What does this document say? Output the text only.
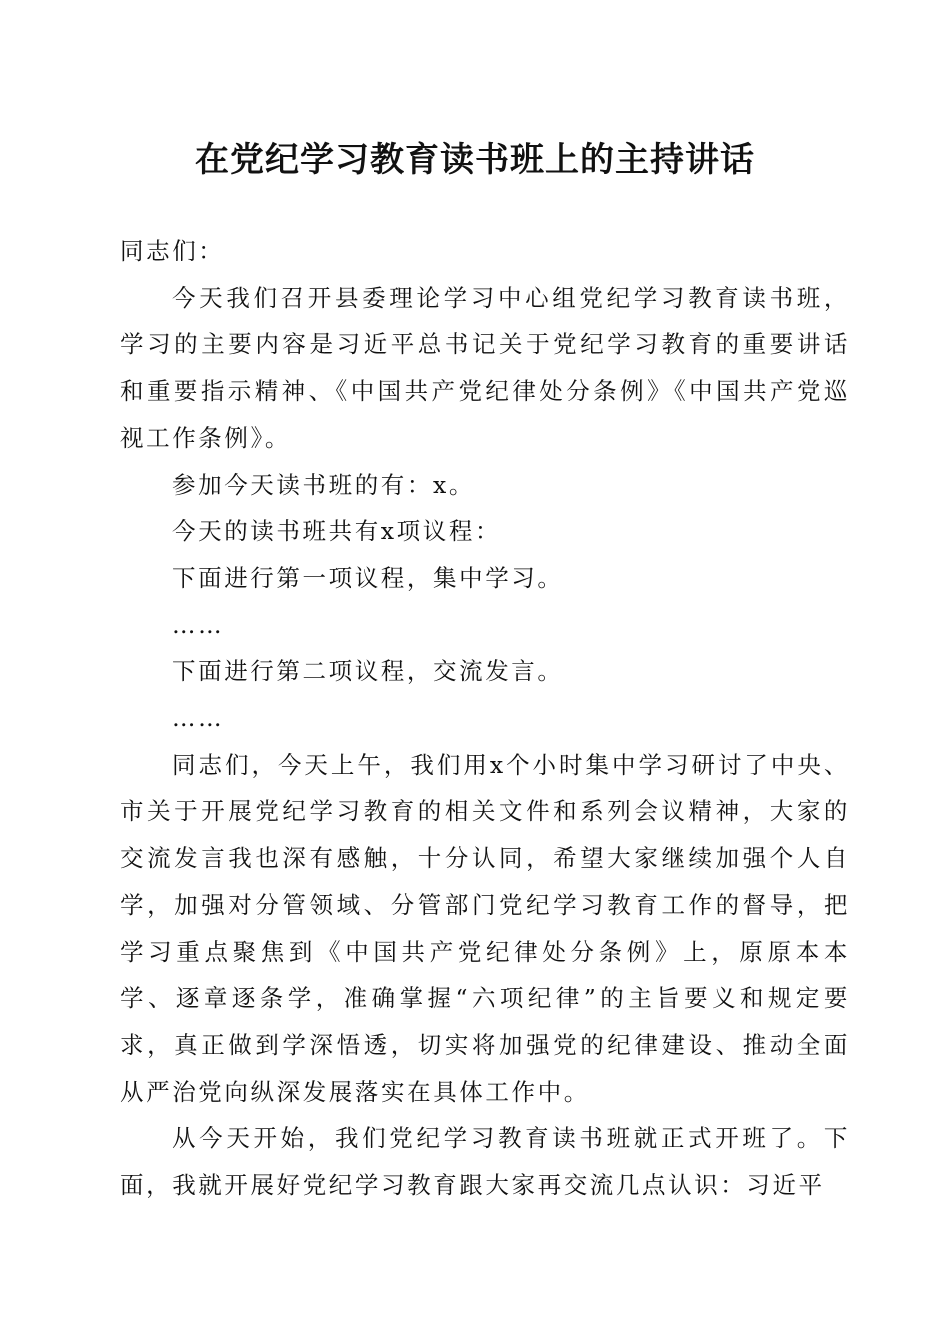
在党纪学习教育读书班上的主持讲话

同志们：

今天我们召开县委理论学习中心组党纪学习教育读书班，学习的主要内容是习近平总书记关于党纪学习教育的重要讲话和重要指示精神、《中国共产党纪律处分条例》《中国共产党巡视工作条例》。

参加今天读书班的有：x。

今天的读书班共有x项议程：

下面进行第一项议程，集中学习。

……

下面进行第二项议程，交流发言。

……

同志们，今天上午，我们用x个小时集中学习研讨了中央、市关于开展党纪学习教育的相关文件和系列会议精神，大家的交流发言我也深有感触，十分认同，希望大家继续加强个人自学，加强对分管领域、分管部门党纪学习教育工作的督导，把学习重点聚焦到《中国共产党纪律处分条例》上，原原本本学、逐章逐条学，准确掌握“六项纪律”的主旨要义和规定要求，真正做到学深悟透，切实将加强党的纪律建设、推动全面从严治党向纵深发展落实在具体工作中。

从今天开始，我们党纪学习教育读书班就正式开班了。下面，我就开展好党纪学习教育跟大家再交流几点认识：习近平
